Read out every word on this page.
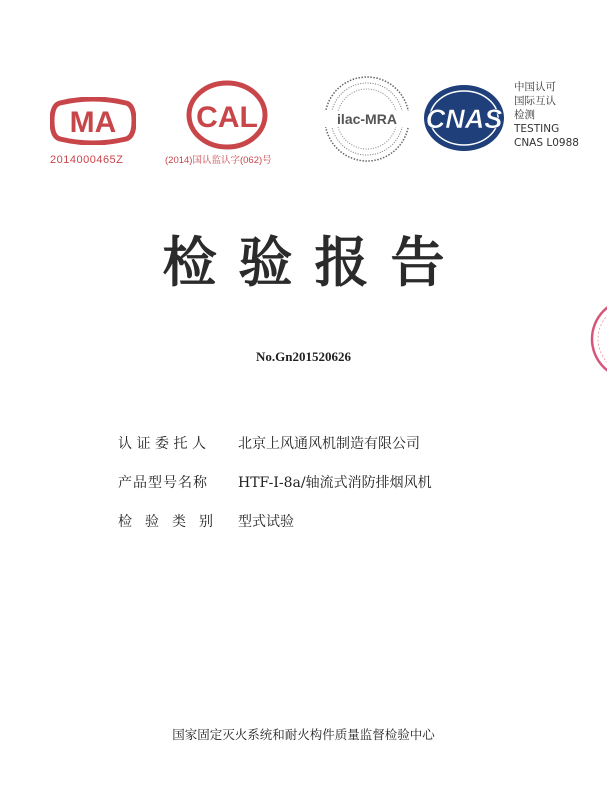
MA
2014000465Z
CAL
(2014)国认监认字(062)号
ilac-MRA CNAS
中国认可
国际互认
检测
TESTING
CNAS L0988
检验报告
No.Gn201520626
认证委托人	北京上风通风机制造有限公司
产品型号名称	HTF-Ⅰ-8a/轴流式消防排烟风机
检验类别 型式试验
国家固定灭火系统和耐火构件质量监督检验中心
